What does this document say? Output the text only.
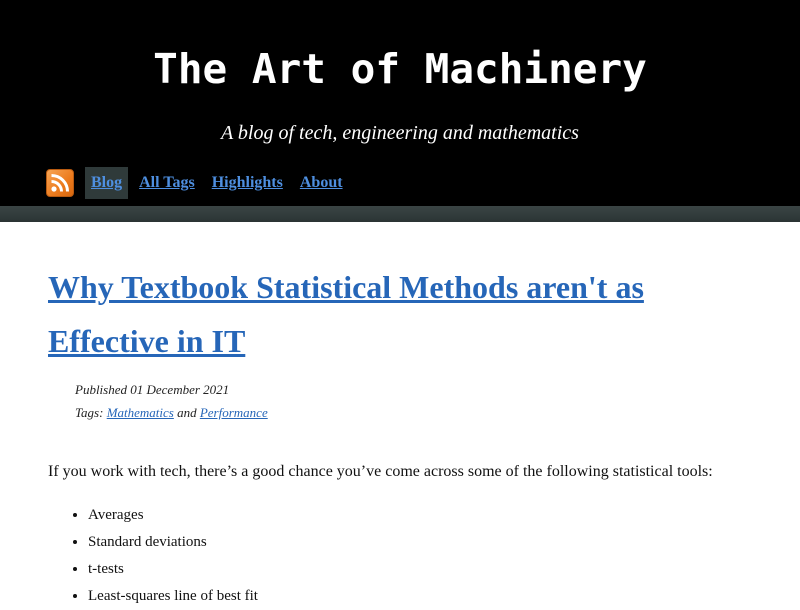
The Art of Machinery

A blog of tech, engineering and mathematics

Blog	All Tags	Highlights	About
Why Textbook Statistical Methods aren't as Effective in IT
Published 01 December 2021
Tags: Mathematics and Performance

If you work with tech, there’s a good chance you’ve come across some of the following statistical tools:

• Averages
• Standard deviations
• t-tests
• Least-squares line of best fit
